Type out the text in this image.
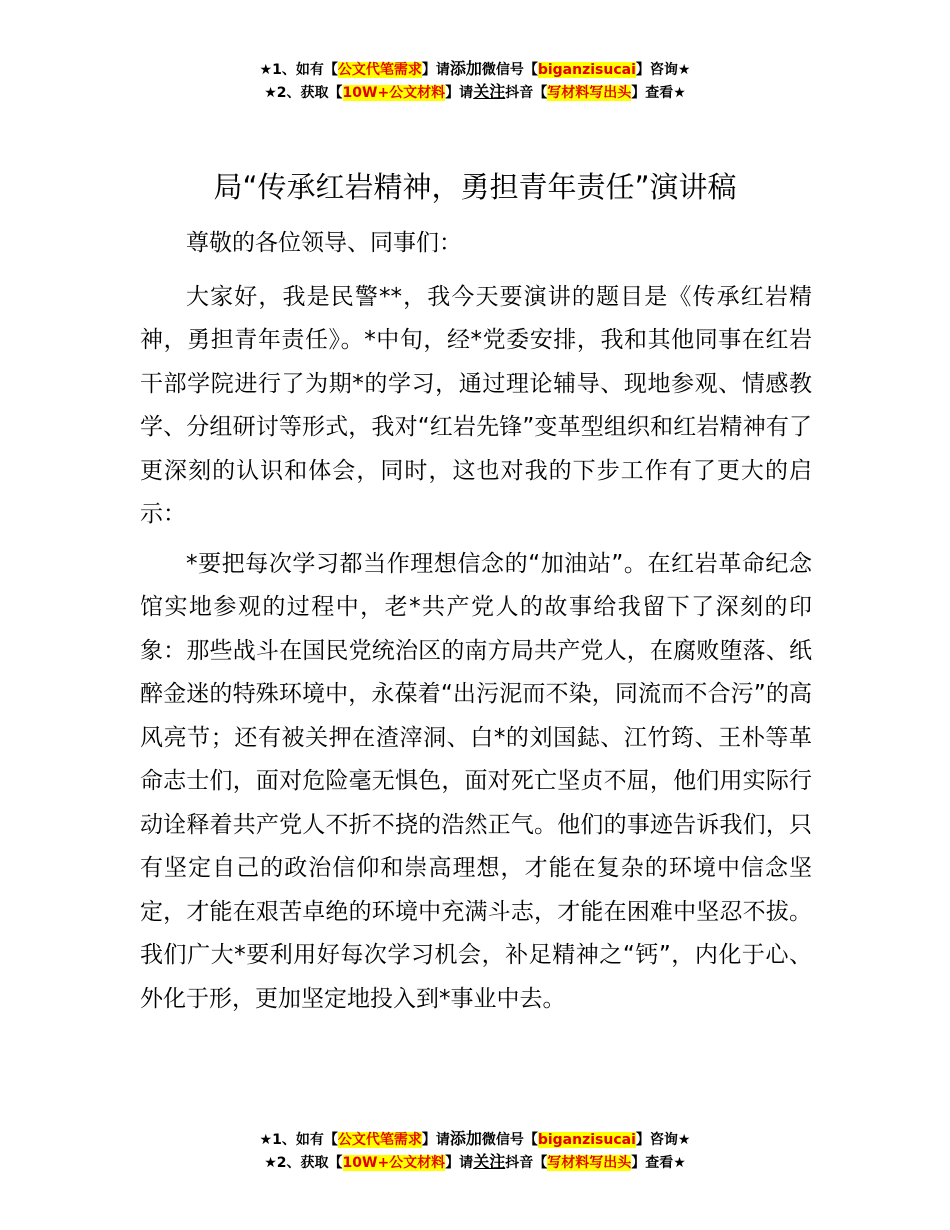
★1、如有【公文代笔需求】请添加微信号【biganzisucai】咨询★
★2、获取【10W+公文材料】请关注抖音【写材料写出头】查看★
局“传承红岩精神，勇担青年责任”演讲稿

尊敬的各位领导、同事们：

大家好，我是民警**，我今天要演讲的题目是《传承红岩精神，勇担青年责任》。*中旬，经*党委安排，我和其他同事在红岩干部学院进行了为期*的学习，通过理论辅导、现地参观、情感教学、分组研讨等形式，我对“红岩先锋”变革型组织和红岩精神有了更深刻的认识和体会，同时，这也对我的下步工作有了更大的启示：

*要把每次学习都当作理想信念的“加油站”。在红岩革命纪念馆实地参观的过程中，老*共产党人的故事给我留下了深刻的印象：那些战斗在国民党统治区的南方局共产党人，在腐败堕落、纸醉金迷的特殊环境中，永葆着“出污泥而不染，同流而不合污”的高风亮节；还有被关押在渣滓洞、白*的刘国鋕、江竹筠、王朴等革命志士们，面对危险毫无惧色，面对死亡坚贞不屈，他们用实际行动诠释着共产党人不折不挠的浩然正气。他们的事迹告诉我们，只有坚定自己的政治信仰和崇高理想，才能在复杂的环境中信念坚定，才能在艰苦卓绝的环境中充满斗志，才能在困难中坚忍不拔。我们广大*要利用好每次学习机会，补足精神之“钙”，内化于心、外化于形，更加坚定地投入到*事业中去。

★1、如有【公文代笔需求】请添加微信号【biganzisucai】咨询★
★2、获取【10W+公文材料】请关注抖音【写材料写出头】查看★
